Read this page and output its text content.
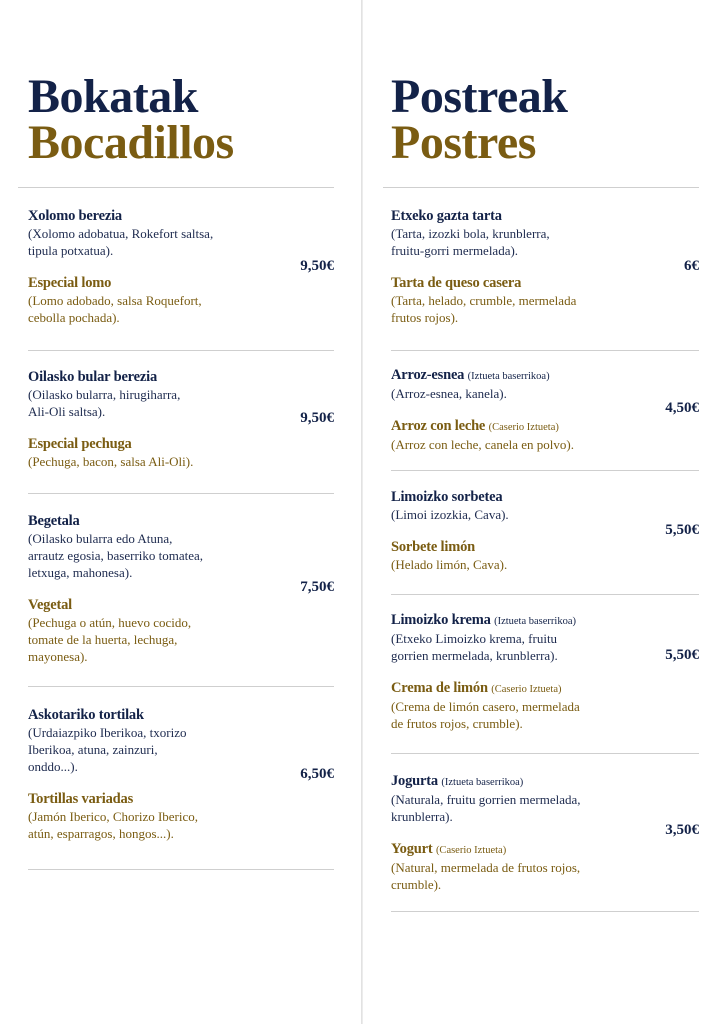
Bokatak
Bocadillos
Xolomo berezia
(Xolomo adobatua, Rokefort saltsa,
tipula potxatua).
Especial lomo
(Lomo adobado, salsa Roquefort,
cebolla pochada).
9,50€
Oilasko bular berezia
(Oilasko bularra, hirugiharra,
Ali-Oli saltsa).
Especial pechuga
(Pechuga, bacon, salsa Ali-Oli).
9,50€
Begetala
(Oilasko bularra edo Atuna,
arrautz egosia, baserriko tomatea,
letxuga, mahonesa).
Vegetal
(Pechuga o atún, huevo cocido,
tomate de la huerta, lechuga,
mayonesa).
7,50€
Askotariko tortilak
(Urdaiazpiko Iberikoa, txorizo
Iberikoa, atuna, zainzuri,
onddo...).
Tortillas variadas
(Jamón Iberico, Chorizo Iberico,
atún, esparragos, hongos...).
6,50€
Postreak
Postres
Etxeko gazta tarta
(Tarta, izozki bola, krunblerra,
fruitu-gorri mermelada).
Tarta de queso casera
(Tarta, helado, crumble, mermelada
frutos rojos).
6€
Arroz-esnea (Iztueta baserrikoa)
(Arroz-esnea, kanela).
Arroz con leche (Caserio Iztueta)
(Arroz con leche, canela en polvo).
4,50€
Limoizko sorbetea
(Limoi izozkia, Cava).
Sorbete limón
(Helado limón, Cava).
5,50€
Limoizko krema (Iztueta baserrikoa)
(Etxeko Limoizko krema, fruitu
gorrien mermelada, krunblerra).
Crema de limón (Caserio Iztueta)
(Crema de limón casero, mermelada
de frutos rojos, crumble).
5,50€
Jogurta (Iztueta baserrikoa)
(Naturala, fruitu gorrien mermelada,
krunblerra).
Yogurt (Caserio Iztueta)
(Natural, mermelada de frutos rojos,
crumble).
3,50€
